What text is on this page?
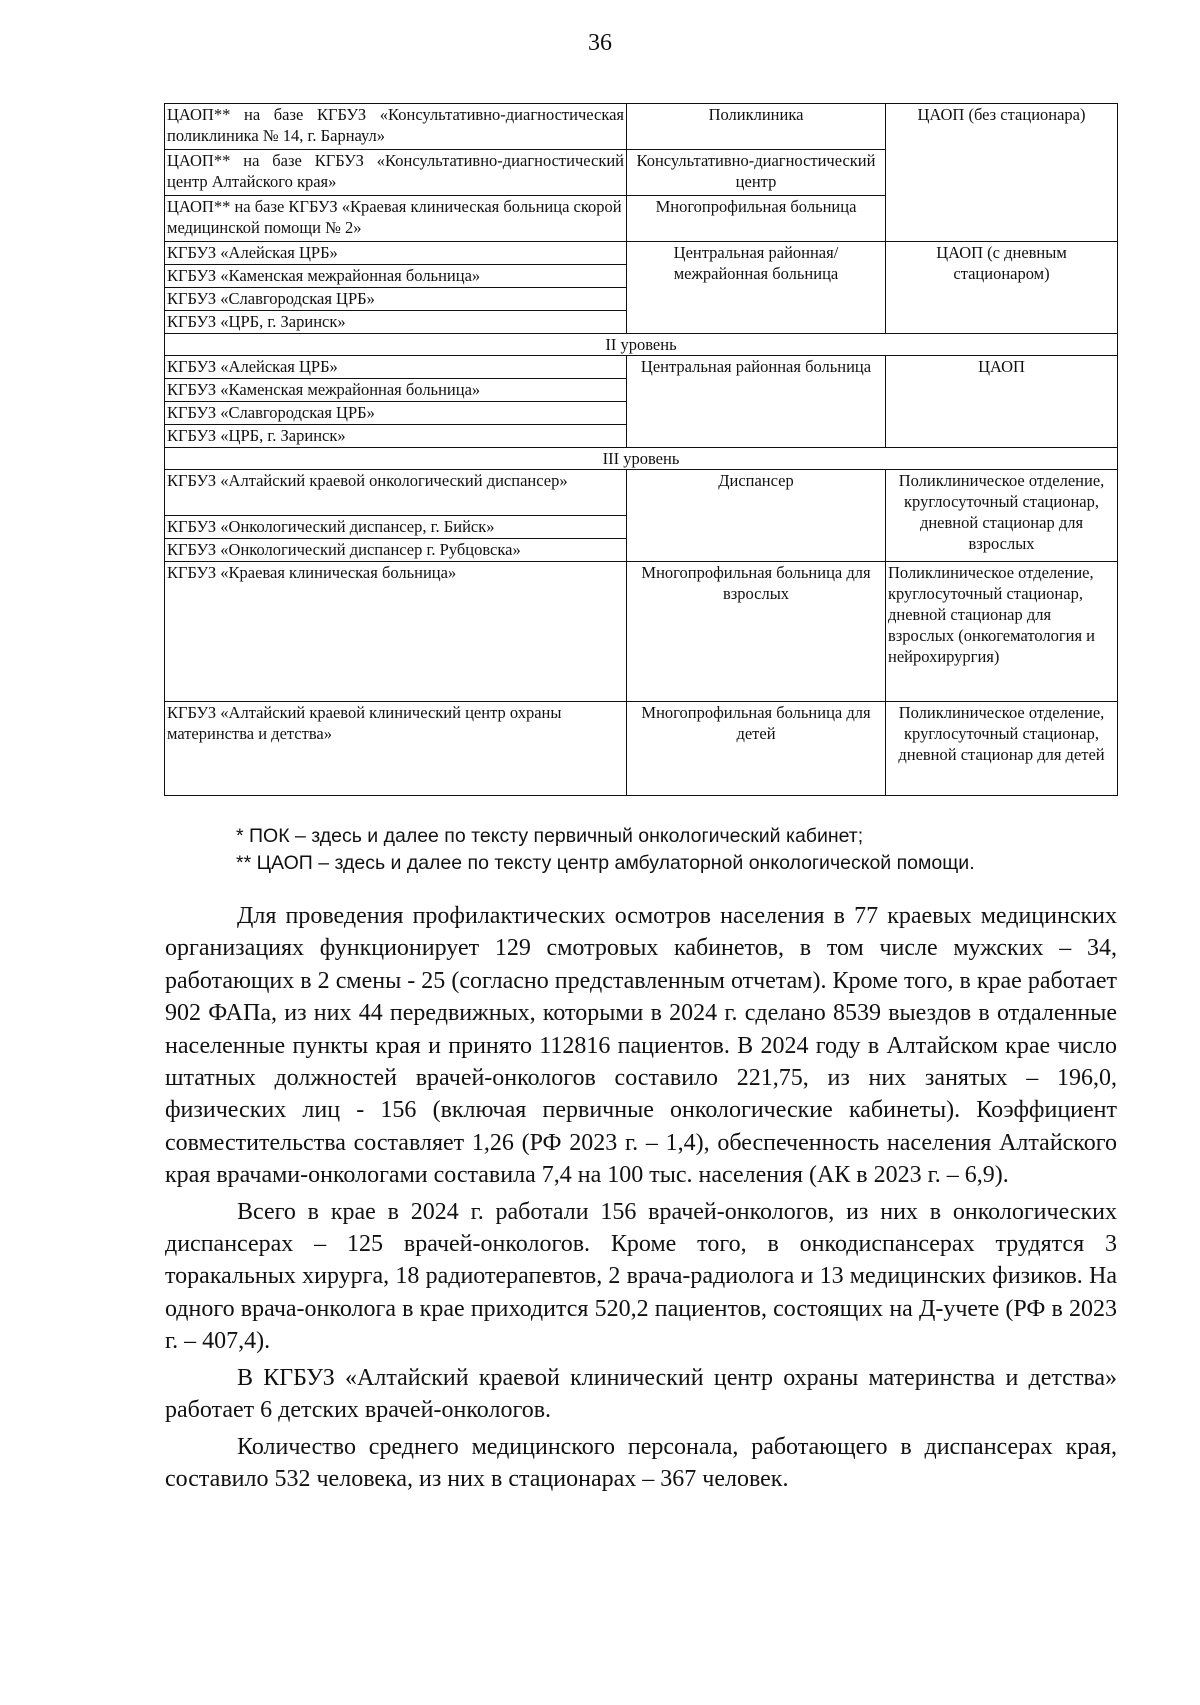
36
ЦАОП** на базе КГБУЗ «Консультативно-диагностическая поликлиника № 14, г. Барнаул»	Поликлиника	ЦАОП (без стационара)
ЦАОП** на базе КГБУЗ «Консультативно-диагностический центр Алтайского края»	Консультативно-диагностический центр	
ЦАОП** на базе КГБУЗ «Краевая клиническая больница скорой медицинской помощи № 2»	Многопрофильная больница	
КГБУЗ «Алейская ЦРБ»	Центральная районная/межрайонная больница	ЦАОП (с дневным стационаром)
КГБУЗ «Каменская межрайонная больница»		
КГБУЗ «Славгородская ЦРБ»		
КГБУЗ «ЦРБ, г. Заринск»		
II уровень		
КГБУЗ «Алейская ЦРБ»	Центральная районная больница	ЦАОП
КГБУЗ «Каменская межрайонная больница»		
КГБУЗ «Славгородская ЦРБ»		
КГБУЗ «ЦРБ, г. Заринск»		
III уровень		
КГБУЗ «Алтайский краевой онкологический диспансер»	Диспансер	Поликлиническое отделение, круглосуточный стационар, дневной стационар для взрослых
КГБУЗ «Онкологический диспансер, г. Бийск»		
КГБУЗ «Онкологический диспансер г. Рубцовска»		
КГБУЗ «Краевая клиническая больница»	Многопрофильная больница для взрослых	Поликлиническое отделение, круглосуточный стационар, дневной стационар для взрослых (онкогематология и нейрохирургия)
КГБУЗ «Алтайский краевой клинический центр охраны материнства и детства»	Многопрофильная больница для детей	Поликлиническое отделение, круглосуточный стационар, дневной стационар для детей
* ПОК – здесь и далее по тексту первичный онкологический кабинет;
** ЦАОП – здесь и далее по тексту центр амбулаторной онкологической помощи.

Для проведения профилактических осмотров населения в 77 краевых медицинских организациях функционирует 129 смотровых кабинетов, в том числе мужских – 34, работающих в 2 смены - 25 (согласно представленным отчетам). Кроме того, в крае работает 902 ФАПа, из них 44 передвижных, которыми в 2024 г. сделано 8539 выездов в отдаленные населенные пункты края и принято 112816 пациентов. В 2024 году в Алтайском крае число штатных должностей врачей-онкологов составило 221,75, из них занятых – 196,0, физических лиц - 156 (включая первичные онкологические кабинеты). Коэффициент совместительства составляет 1,26 (РФ 2023 г. – 1,4), обеспеченность населения Алтайского края врачами-онкологами составила 7,4 на 100 тыс. населения (АК в 2023 г. – 6,9).

Всего в крае в 2024 г. работали 156 врачей-онкологов, из них в онкологических диспансерах – 125 врачей-онкологов. Кроме того, в онкодиспансерах трудятся 3 торакальных хирурга, 18 радиотерапевтов, 2 врача-радиолога и 13 медицинских физиков. На одного врача-онколога в крае приходится 520,2 пациентов, состоящих на Д-учете (РФ в 2023 г. – 407,4).

В КГБУЗ «Алтайский краевой клинический центр охраны материнства и детства» работает 6 детских врачей-онкологов.

Количество среднего медицинского персонала, работающего в диспансерах края, составило 532 человека, из них в стационарах – 367 человек.
